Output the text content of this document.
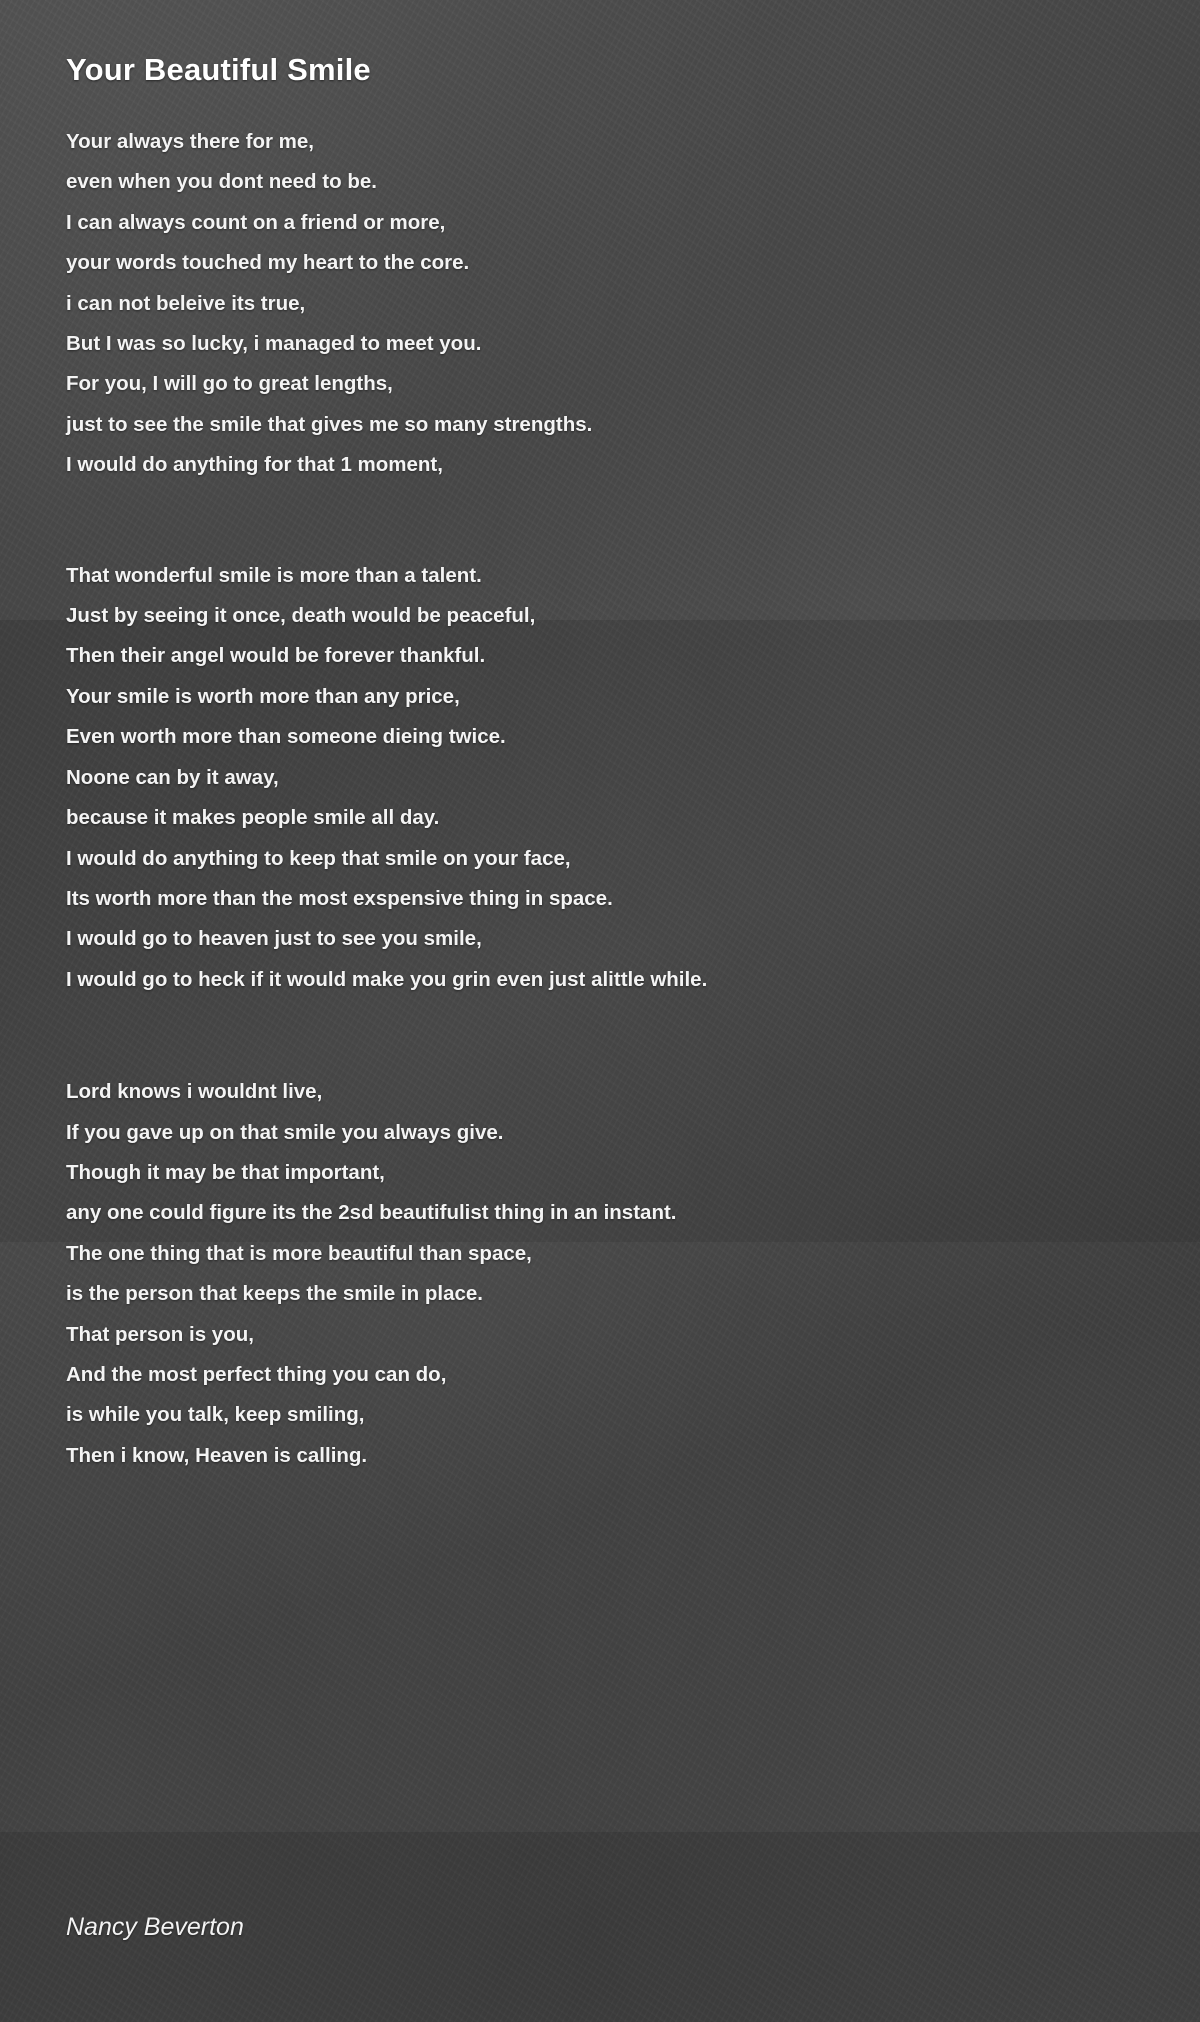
Your Beautiful Smile
Your always there for me,
even when you dont need to be.
I can always count on a friend or more,
your words touched my heart to the core.
i can not beleive its true,
But I was so lucky, i managed to meet you.
For you, I will go to great lengths,
just to see the smile that gives me so many strengths.
I would do anything for that 1 moment,
That wonderful smile is more than a talent.
Just by seeing it once, death would be peaceful,
Then their angel would be forever thankful.
Your smile is worth more than any price,
Even worth more than someone dieing twice.
Noone can by it away,
because it makes people smile all day.
I would do anything to keep that smile on your face,
Its worth more than the most exspensive thing in space.
I would go to heaven just to see you smile,
I would go to heck if it would make you grin even just alittle while.
Lord knows i wouldnt live,
If you gave up on that smile you always give.
Though it may be that important,
any one could figure its the 2sd beautifulist thing in an instant.
The one thing that is more beautiful than space,
is the person that keeps the smile in place.
That person is you,
And the most perfect thing you can do,
is while you talk, keep smiling,
Then i know, Heaven is calling.
Nancy Beverton
